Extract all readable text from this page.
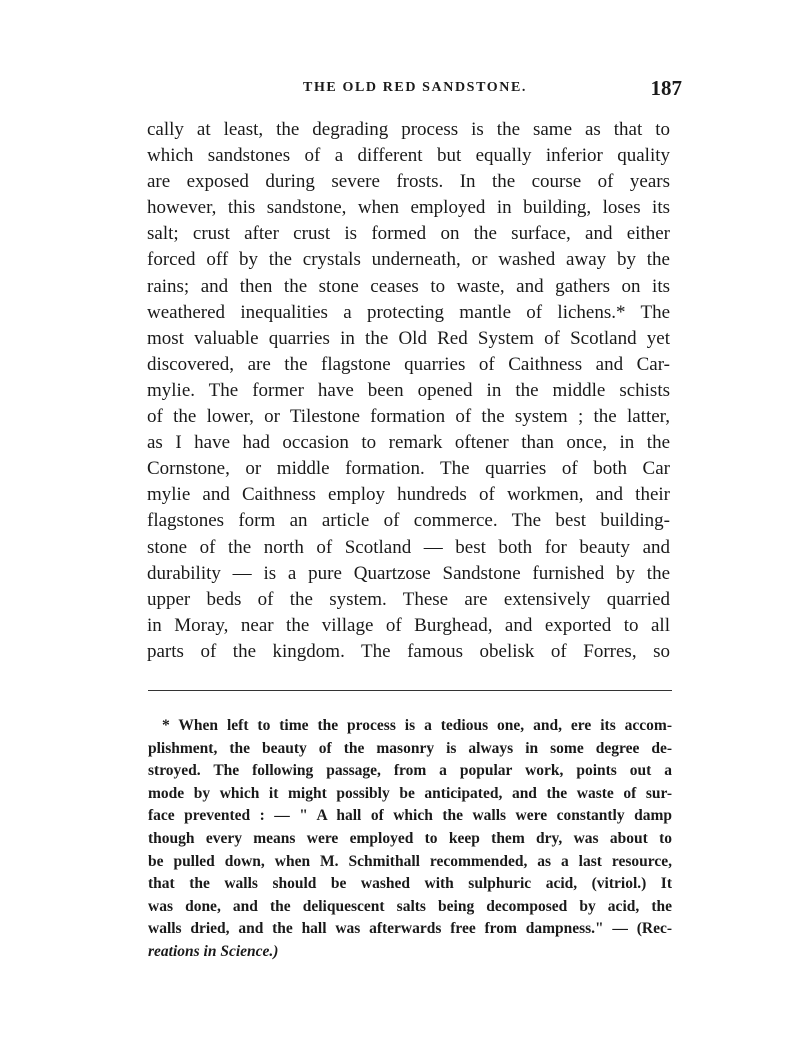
THE OLD RED SANDSTONE.	187
cally at least, the degrading process is the same as that to
which sandstones of a different but equally inferior quality
are exposed during severe frosts. In the course of years
however, this sandstone, when employed in building, loses its
salt; crust after crust is formed on the surface, and either
forced off by the crystals underneath, or washed away by the
rains; and then the stone ceases to waste, and gathers on its
weathered inequalities a protecting mantle of lichens.* The
most valuable quarries in the Old Red System of Scotland yet
discovered, are the flagstone quarries of Caithness and Car-
mylie. The former have been opened in the middle schists
of the lower, or Tilestone formation of the system ; the latter,
as I have had occasion to remark oftener than once, in the
Cornstone, or middle formation. The quarries of both Car
mylie and Caithness employ hundreds of workmen, and their
flagstones form an article of commerce. The best building-
stone of the north of Scotland — best both for beauty and
durability — is a pure Quartzose Sandstone furnished by the
upper beds of the system. These are extensively quarried
in Moray, near the village of Burghead, and exported to all
parts of the kingdom. The famous obelisk of Forres, so
* When left to time the process is a tedious one, and, ere its accom-
plishment, the beauty of the masonry is always in some degree de-
stroyed. The following passage, from a popular work, points out a
mode by which it might possibly be anticipated, and the waste of sur-
face prevented : — " A hall of which the walls were constantly damp
though every means were employed to keep them dry, was about to
be pulled down, when M. Schmithall recommended, as a last resource,
that the walls should be washed with sulphuric acid, (vitriol.) It
was done, and the deliquescent salts being decomposed by acid, the
walls dried, and the hall was afterwards free from dampness." — (Rec-
reations in Science.)
